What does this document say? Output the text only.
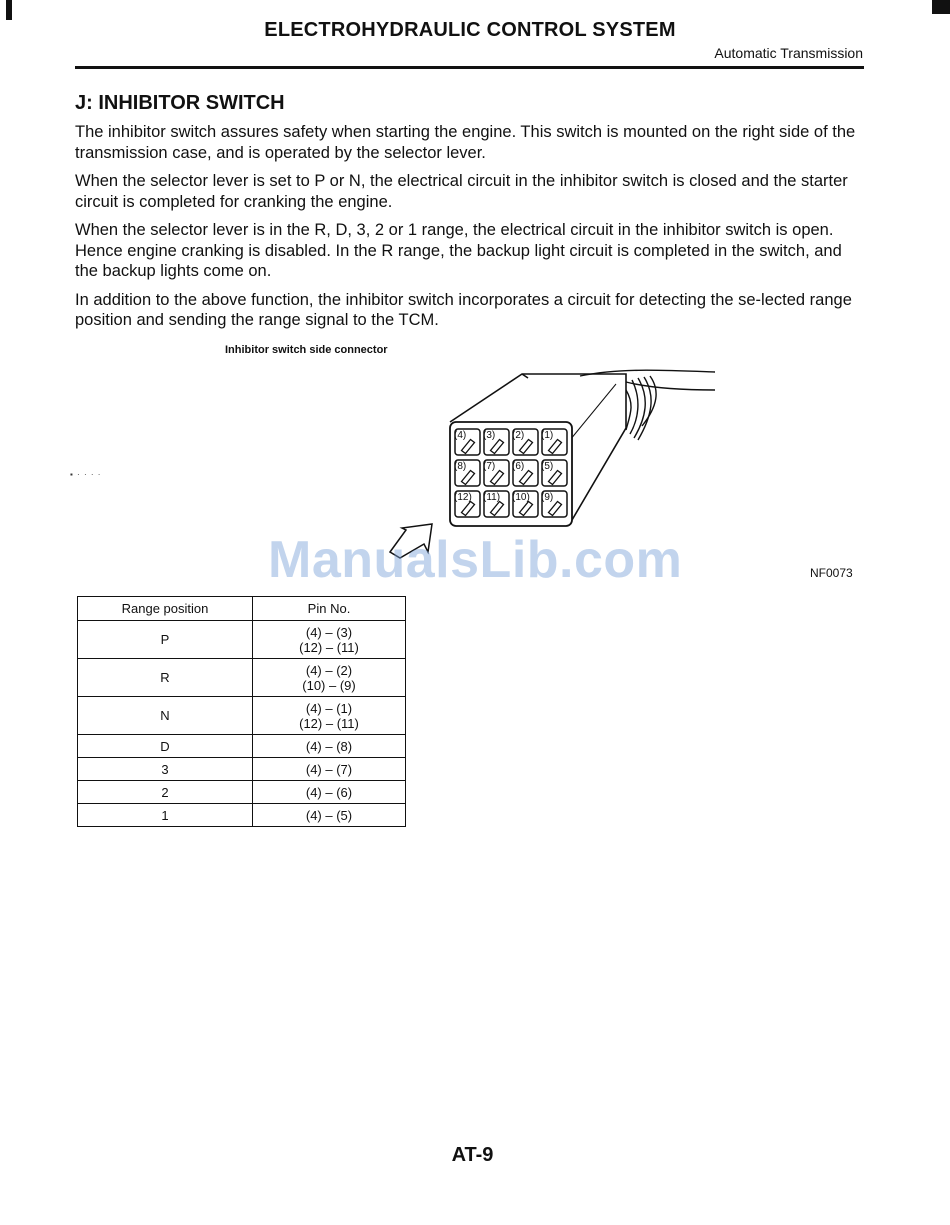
ELECTROHYDRAULIC CONTROL SYSTEM
Automatic Transmission
J: INHIBITOR SWITCH

The inhibitor switch assures safety when starting the engine. This switch is mounted on the right side of the transmission case, and is operated by the selector lever.

When the selector lever is set to P or N, the electrical circuit in the inhibitor switch is closed and the starter circuit is completed for cranking the engine.

When the selector lever is in the R, D, 3, 2 or 1 range, the electrical circuit in the inhibitor switch is open. Hence engine cranking is disabled. In the R range, the backup light circuit is completed in the switch, and the backup lights come on.

In addition to the above function, the inhibitor switch incorporates a circuit for detecting the se-lected range position and sending the range signal to the TCM.

Inhibitor switch side connector
▪ · · · ·
(4) (3) (2) (1)
(8) (7) (6) (5)
(12) (11) (10) (9)
NF0073
ManualsLib.com
Range position	Pin No.
P	(4) – (3)
(12) – (11)
R	(4) – (2)
(10) – (9)
N	(4) – (1)
(12) – (11)
D	(4) – (8)
3	(4) – (7)
2	(4) – (6)
1	(4) – (5)
AT-9
